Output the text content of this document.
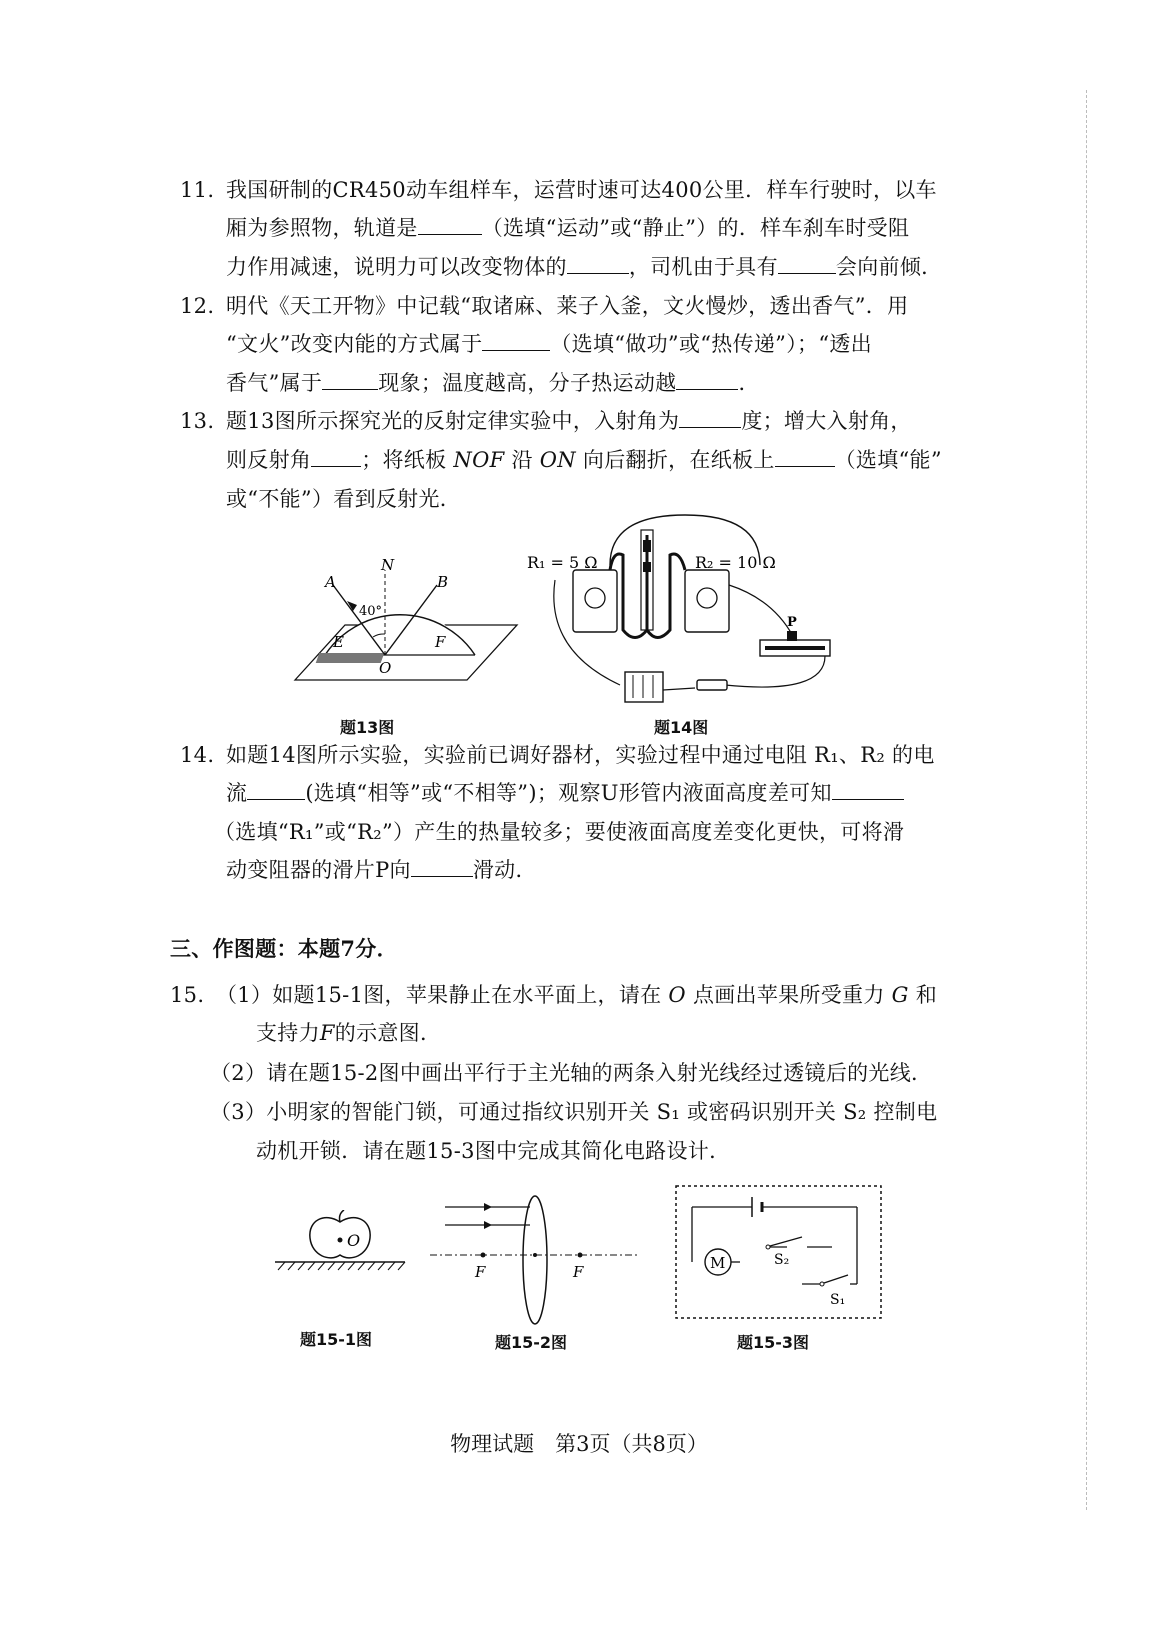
11. 我国研制的CR450动车组样车，运营时速可达400公里．样车行驶时，以车
厢为参照物，轨道是	（选填“运动”或“静止”）的．样车刹车时受阻
力作用减速，说明力可以改变物体的	，司机由于具有	会向前倾．
12. 明代《天工开物》中记载“取诸麻、莱子入釜，文火慢炒，透出香气”．用
“文火”改变内能的方式属于	（选填“做功”或“热传递”）；“透出
香气”属于	现象；温度越高，分子热运动越	．
13. 题13图所示探究光的反射定律实验中，入射角为	度；增大入射角，
则反射角 ；将纸板 NOF 沿 ON 向后翻折，在纸板上	（选填“能”
或“不能”）看到反射光．
N
A	B
40°
E	F
O
题13图
R₁ = 5 Ω	R₂ = 10 Ω
P
题14图
14. 如题14图所示实验，实验前已调好器材，实验过程中通过电阻 R₁、R₂ 的电
流	(选填“相等”或“不相等”)；观察U形管内液面高度差可知
（选填“R₁”或“R₂”）产生的热量较多；要使液面高度差变化更快，可将滑
动变阻器的滑片P向	滑动．
三、作图题：本题7分．
15. （1）如题15-1图，苹果静止在水平面上，请在 O 点画出苹果所受重力 G 和
支持力F的示意图．
（2）请在题15-2图中画出平行于主光轴的两条入射光线经过透镜后的光线．
（3）小明家的智能门锁，可通过指纹识别开关 S₁ 或密码识别开关 S₂ 控制电
动机开锁．请在题15-3图中完成其简化电路设计．
O
题15-1图
F	F
题15-2图
M	S₂
S₁
题15-3图
物理试题　第3页（共8页）
